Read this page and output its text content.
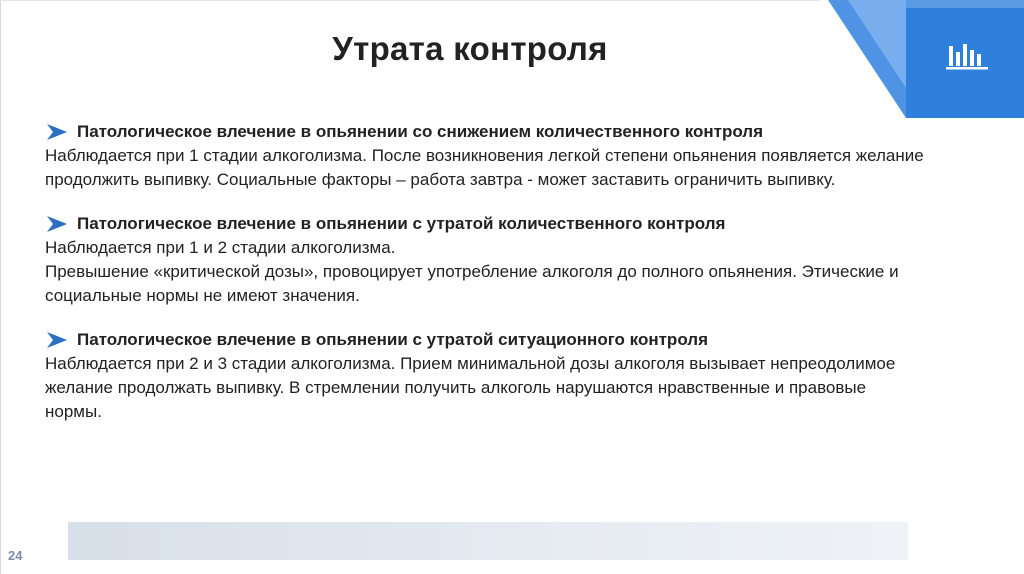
Утрата контроля
Патологическое влечение в опьянении со снижением количественного контроля

Наблюдается при 1 стадии алкоголизма. После возникновения легкой степени опьянения появляется желание продолжить выпивку. Социальные факторы – работа завтра - может заставить ограничить выпивку.

Патологическое влечение в опьянении с утратой количественного контроля

Наблюдается при 1 и 2 стадии алкоголизма.

Превышение «критической дозы», провоцирует употребление алкоголя до полного опьянения. Этические и социальные нормы не имеют значения.

Патологическое влечение в опьянении с утратой ситуационного контроля

Наблюдается при 2 и 3 стадии алкоголизма. Прием минимальной дозы алкоголя вызывает непреодолимое желание продолжать выпивку. В стремлении получить алкоголь нарушаются нравственные и правовые нормы.

24
